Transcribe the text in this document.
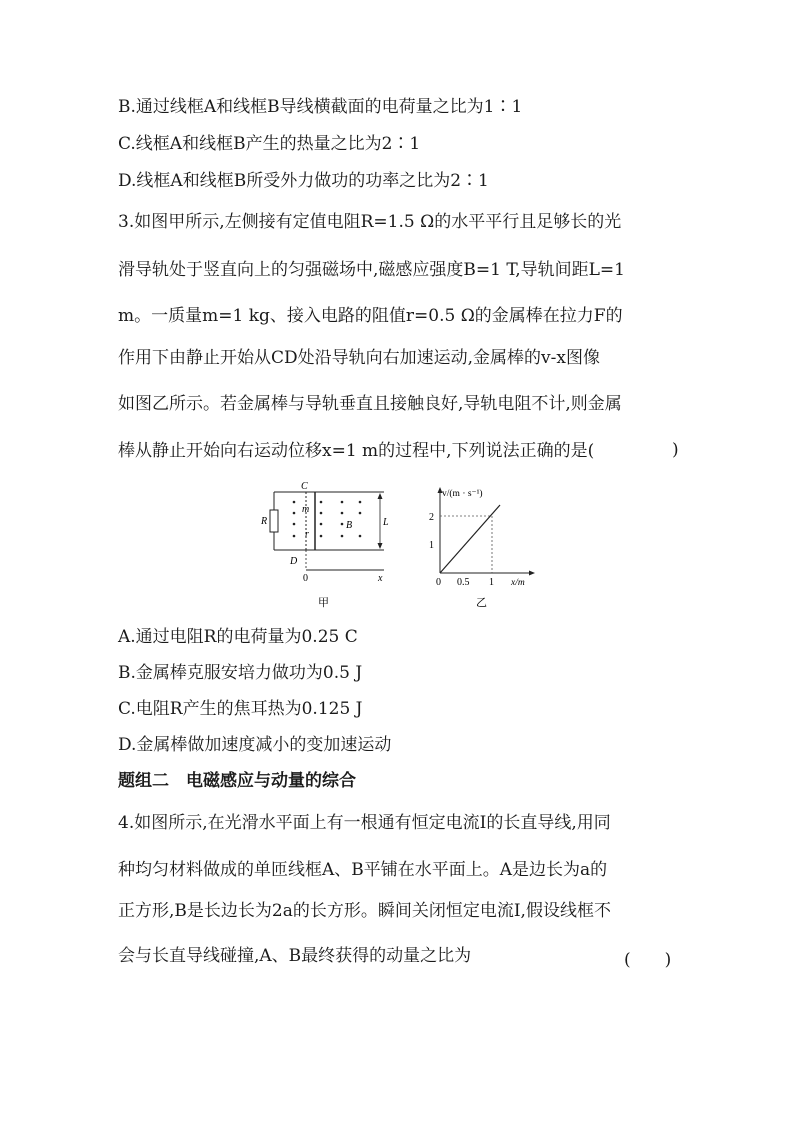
B.通过线框A和线框B导线横截面的电荷量之比为1∶1

C.线框A和线框B产生的热量之比为2∶1

D.线框A和线框B所受外力做功的功率之比为2∶1

3.如图甲所示,左侧接有定值电阻R=1.5 Ω的水平平行且足够长的光

滑导轨处于竖直向上的匀强磁场中,磁感应强度B=1 T,导轨间距L=1

m。一质量m=1 kg、接入电路的阻值r=0.5 Ω的金属棒在拉力F的

作用下由静止开始从CD处沿导轨向右加速运动,金属棒的v-x图像

如图乙所示。若金属棒与导轨垂直且接触良好,导轨电阻不计,则金属

棒从静止开始向右运动位移x=1 m的过程中,下列说法正确的是(	)
C
D
R
m
r
B	L
0	x
甲
v/(m · s⁻¹)
x/m
2
1
0 0.5 1
乙

A.通过电阻R的电荷量为0.25 C

B.金属棒克服安培力做功为0.5 J

C.电阻R产生的焦耳热为0.125 J

D.金属棒做加速度减小的变加速运动

题组二　电磁感应与动量的综合

4.如图所示,在光滑水平面上有一根通有恒定电流I的长直导线,用同

种均匀材料做成的单匝线框A、B平铺在水平面上。A是边长为a的

正方形,B是长边长为2a的长方形。瞬间关闭恒定电流I,假设线框不

会与长直导线碰撞,A、B最终获得的动量之比为	(　　)
